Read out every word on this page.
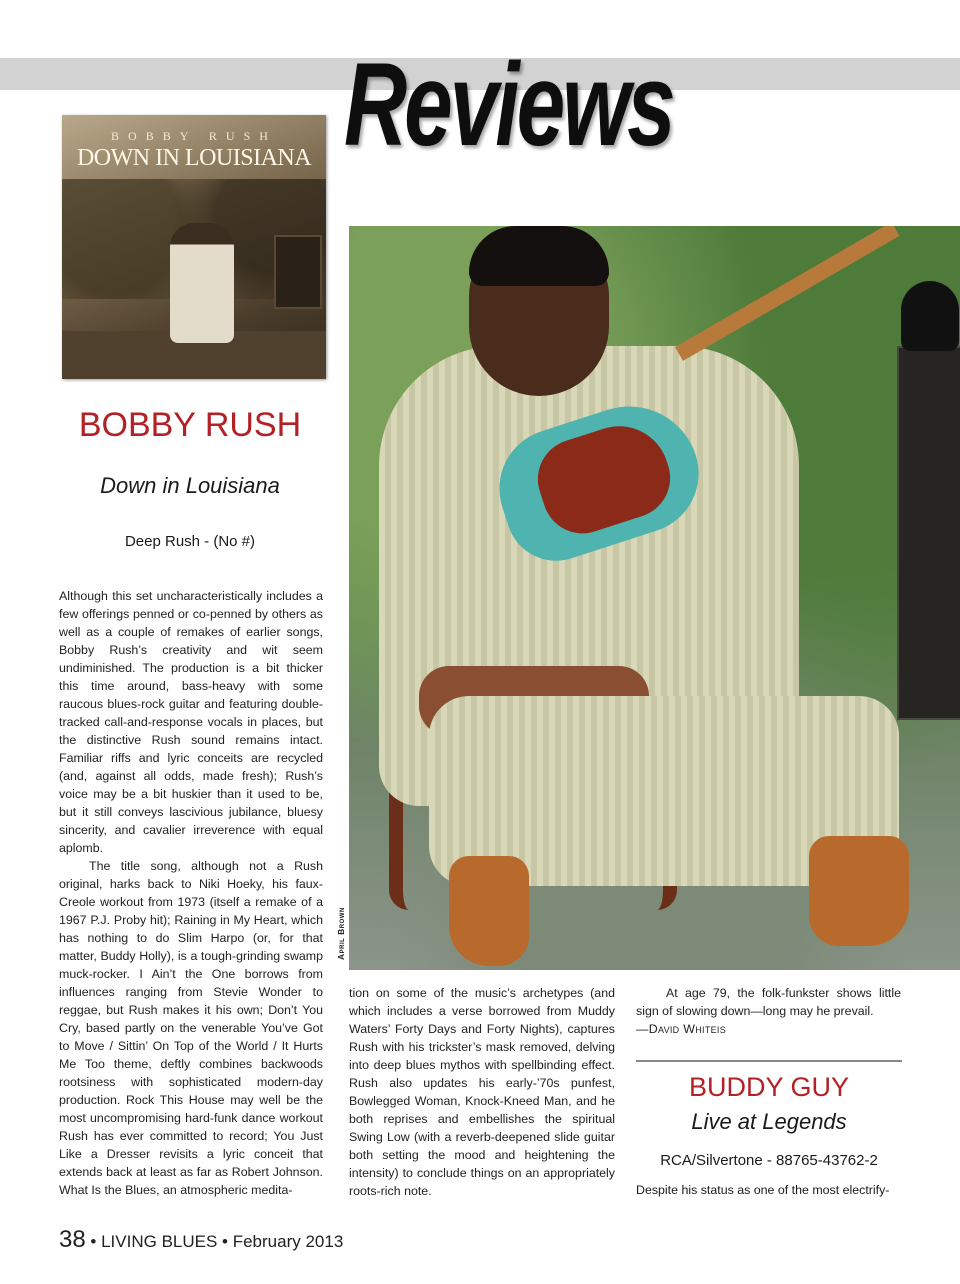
Reviews
BOBBY RUSH
DOWN IN LOUISIANA
BOBBY RUSH
Down in Louisiana
Deep Rush - (No #)

Although this set uncharacteristically includes a few offerings penned or co-penned by others as well as a couple of remakes of earlier songs, Bobby Rush’s creativity and wit seem undiminished. The production is a bit thicker this time around, bass-heavy with some raucous blues-rock guitar and featuring double-tracked call-and-response vocals in places, but the distinctive Rush sound remains intact. Familiar riffs and lyric conceits are recycled (and, against all odds, made fresh); Rush’s voice may be a bit huskier than it used to be, but it still conveys lascivious jubilance, bluesy sincerity, and cavalier irreverence with equal aplomb.

The title song, although not a Rush original, harks back to Niki Hoeky, his faux-Creole workout from 1973 (itself a remake of a 1967 P.J. Proby hit); Raining in My Heart, which has nothing to do Slim Harpo (or, for that matter, Buddy Holly), is a tough-grinding swamp muck-rocker. I Ain’t the One borrows from influences ranging from Stevie Wonder to reggae, but Rush makes it his own; Don’t You Cry, based partly on the venerable You’ve Got to Move / Sittin’ On Top of the World / It Hurts Me Too theme, deftly combines backwoods rootsiness with sophisticated modern-day production. Rock This House may well be the most uncompromising hard-funk dance workout Rush has ever committed to record; You Just Like a Dresser revisits a lyric conceit that extends back at least as far as Robert Johnson. What Is the Blues, an atmospheric medita-

April Brown

tion on some of the music’s archetypes (and which includes a verse borrowed from Muddy Waters’ Forty Days and Forty Nights), captures Rush with his trickster’s mask removed, delving into deep blues mythos with spellbinding effect. Rush also updates his early-’70s punfest, Bowlegged Woman, Knock-Kneed Man, and he both reprises and embellishes the spiritual Swing Low (with a reverb-deepened slide guitar both setting the mood and heightening the intensity) to conclude things on an appropriately roots-rich note.

At age 79, the folk-funkster shows little sign of slowing down—long may he prevail.

—David Whiteis

BUDDY GUY
Live at Legends
RCA/Silvertone - 88765-43762-2
Despite his status as one of the most electrify-
38 • LIVING BLUES • February 2013
